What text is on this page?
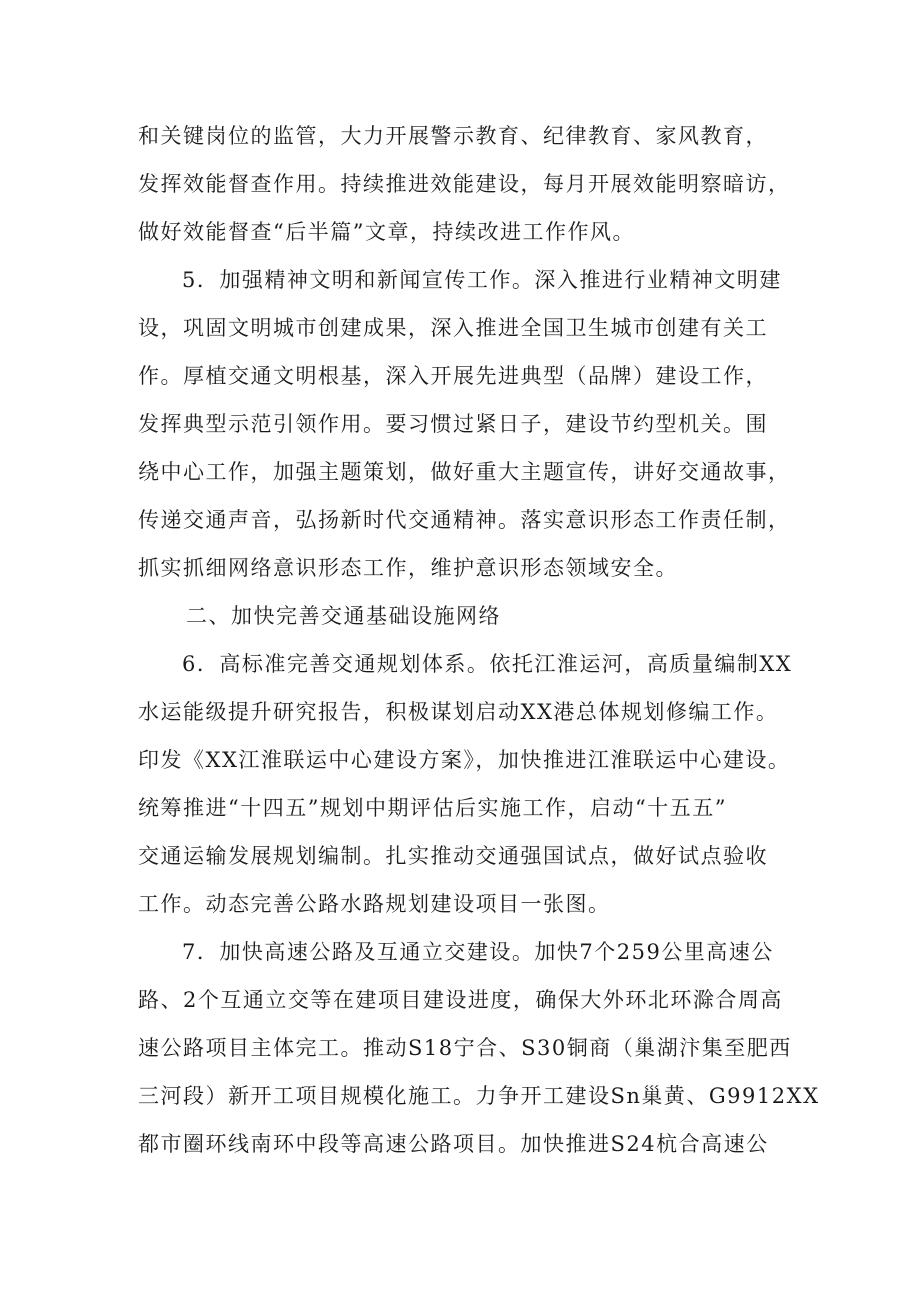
和关键岗位的监管，大力开展警示教育、纪律教育、家风教育，
发挥效能督查作用。持续推进效能建设，每月开展效能明察暗访，
做好效能督查“后半篇”文章，持续改进工作作风。
5．加强精神文明和新闻宣传工作。深入推进行业精神文明建
设，巩固文明城市创建成果，深入推进全国卫生城市创建有关工
作。厚植交通文明根基，深入开展先进典型（品牌）建设工作，
发挥典型示范引领作用。要习惯过紧日子，建设节约型机关。围
绕中心工作，加强主题策划，做好重大主题宣传，讲好交通故事，
传递交通声音，弘扬新时代交通精神。落实意识形态工作责任制，
抓实抓细网络意识形态工作，维护意识形态领域安全。
二、加快完善交通基础设施网络
6．高标准完善交通规划体系。依托江淮运河，高质量编制XX
水运能级提升研究报告，积极谋划启动XX港总体规划修编工作。
印发《XX江淮联运中心建设方案》，加快推进江淮联运中心建设。
统筹推进“十四五”规划中期评估后实施工作，启动“十五五”
交通运输发展规划编制。扎实推动交通强国试点，做好试点验收
工作。动态完善公路水路规划建设项目一张图。
7．加快高速公路及互通立交建设。加快7个259公里高速公
路、2个互通立交等在建项目建设进度，确保大外环北环滁合周高
速公路项目主体完工。推动S18宁合、S30铜商（巢湖汴集至肥西
三河段）新开工项目规模化施工。力争开工建设Sn巢黄、G9912XX
都市圈环线南环中段等高速公路项目。加快推进S24杭合高速公
